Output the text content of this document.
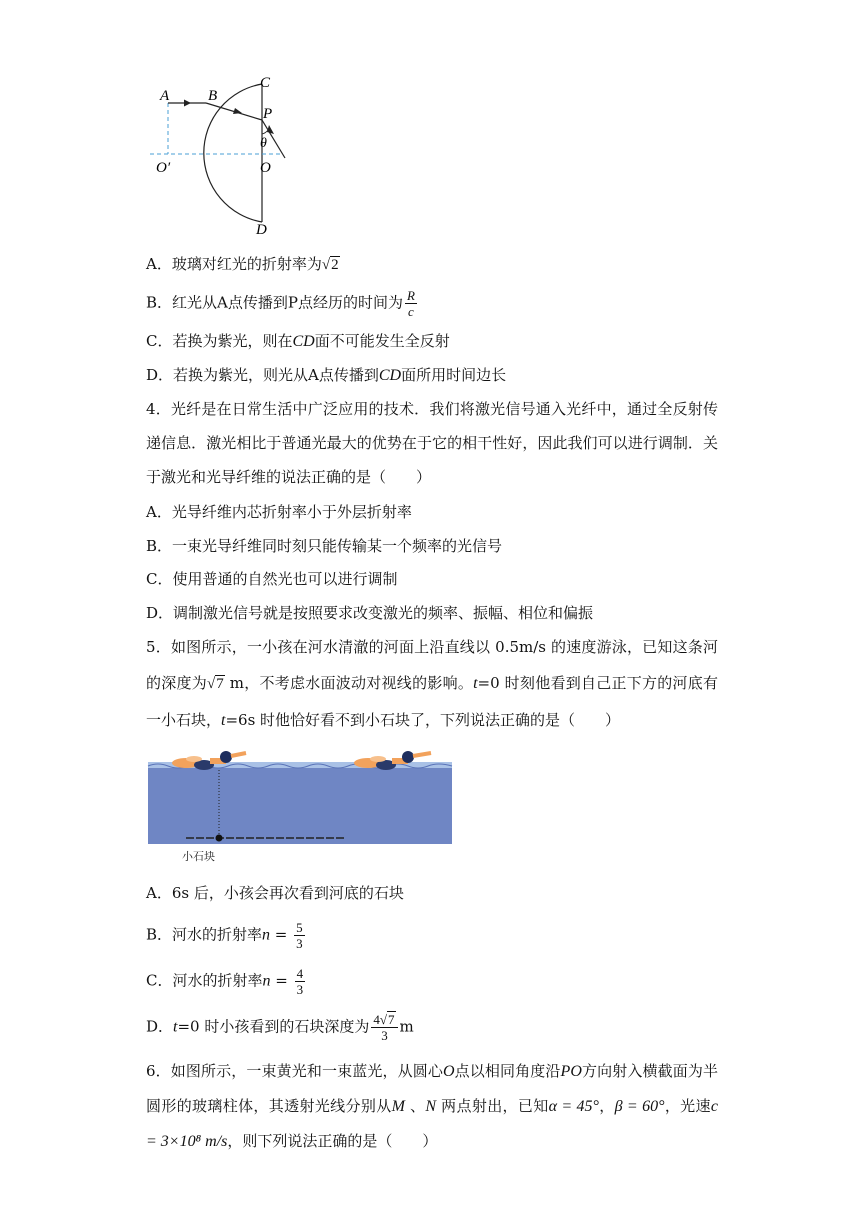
A	B
C
P
θ
O′	O
D
A．玻璃对红光的折射率为√2
B．红光从A点传播到P点经历的时间为 $\frac{R}{c}$
C．若换为紫光，则在CD面不可能发生全反射
D．若换为紫光，则光从A点传播到CD面所用时间边长
4．光纤是在日常生活中广泛应用的技术．我们将激光信号通入光纤中，通过全反射传递信息．激光相比于普通光最大的优势在于它的相干性好，因此我们可以进行调制．关于激光和光导纤维的说法正确的是（　　）
A．光导纤维内芯折射率小于外层折射率
B．一束光导纤维同时刻只能传输某一个频率的光信号
C．使用普通的自然光也可以进行调制
D．调制激光信号就是按照要求改变激光的频率、振幅、相位和偏振
5．如图所示，一小孩在河水清澈的河面上沿直线以 0.5m/s 的速度游泳，已知这条河的深度为√7 m，不考虑水面波动对视线的影响。t=0 时刻他看到自己正下方的河底有一小石块，t=6s 时他恰好看不到小石块了，下列说法正确的是（　　）
小石块
A．6s 后，小孩会再次看到河底的石块
B．河水的折射率$n = \frac{5}{3}$
C．河水的折射率$n = \frac{4}{3}$
D．t=0 时小孩看到的石块深度为 $\frac{4√7}{3}$ m
6．如图所示，一束黄光和一束蓝光，从圆心O点以相同角度沿PO方向射入横截面为半圆形的玻璃柱体，其透射光线分别从M 、N 两点射出，已知α = 45°，β = 60°，光速c = 3×10⁸ m/s，则下列说法正确的是（　　）
